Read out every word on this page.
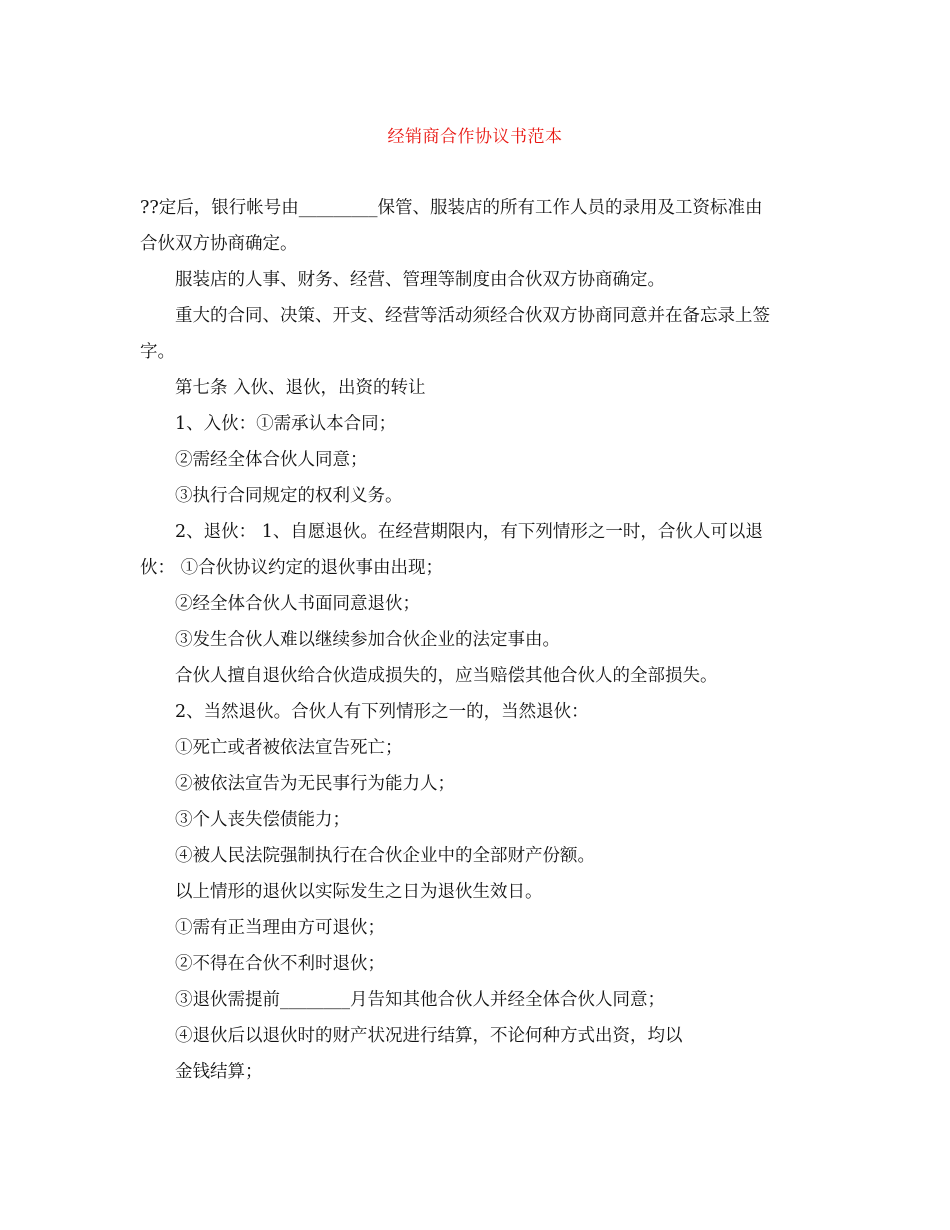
经销商合作协议书范本
??定后，银行帐号由_________保管、服装店的所有工作人员的录用及工资标准由
合伙双方协商确定。
服装店的人事、财务、经营、管理等制度由合伙双方协商确定。
重大的合同、决策、开支、经营等活动须经合伙双方协商同意并在备忘录上签
字。
第七条 入伙、退伙，出资的转让
1、入伙：①需承认本合同；
②需经全体合伙人同意；
③执行合同规定的权利义务。
2、退伙： 1、自愿退伙。在经营期限内，有下列情形之一时，合伙人可以退
伙： ①合伙协议约定的退伙事由出现；
②经全体合伙人书面同意退伙；
③发生合伙人难以继续参加合伙企业的法定事由。
合伙人擅自退伙给合伙造成损失的，应当赔偿其他合伙人的全部损失。
2、当然退伙。合伙人有下列情形之一的，当然退伙：
①死亡或者被依法宣告死亡；
②被依法宣告为无民事行为能力人；
③个人丧失偿债能力；
④被人民法院强制执行在合伙企业中的全部财产份额。
以上情形的退伙以实际发生之日为退伙生效日。
①需有正当理由方可退伙；
②不得在合伙不利时退伙；
③退伙需提前________月告知其他合伙人并经全体合伙人同意；
④退伙后以退伙时的财产状况进行结算，不论何种方式出资，均以
金钱结算；
